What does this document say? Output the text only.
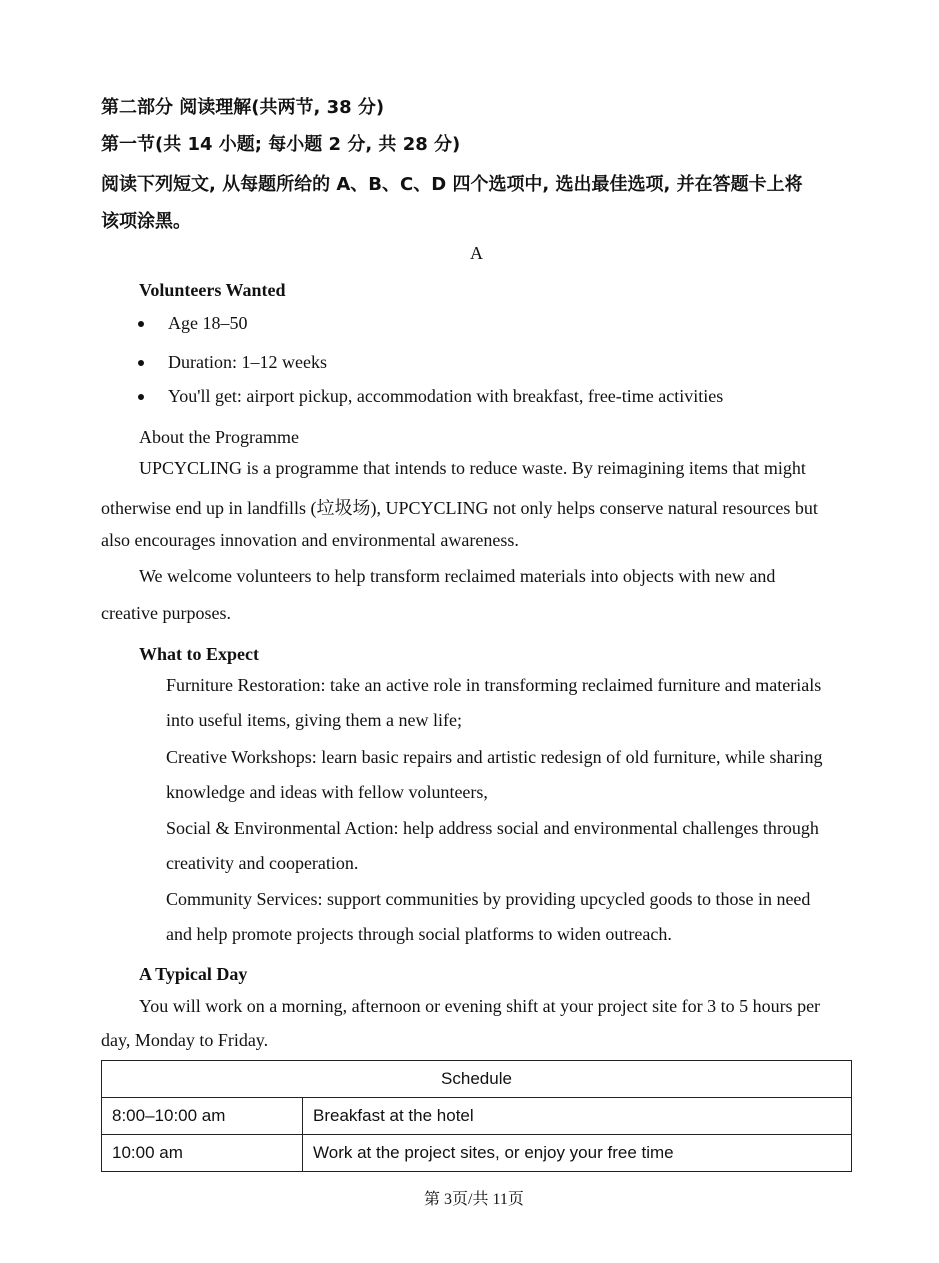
第二部分 阅读理解(共两节, 38 分)
第一节(共 14 小题; 每小题 2 分, 共 28 分)
阅读下列短文, 从每题所给的 A、B、C、D 四个选项中, 选出最佳选项, 并在答题卡上将
该项涂黑。
A
Volunteers Wanted
Age 18–50
Duration: 1–12 weeks
You'll get: airport pickup, accommodation with breakfast, free-time activities
About the Programme
UPCYCLING is a programme that intends to reduce waste. By reimagining items that might
otherwise end up in landfills (垃圾场), UPCYCLING not only helps conserve natural resources but
also encourages innovation and environmental awareness.
We welcome volunteers to help transform reclaimed materials into objects with new and
creative purposes.
What to Expect
Furniture Restoration: take an active role in transforming reclaimed furniture and materials
into useful items, giving them a new life;
Creative Workshops: learn basic repairs and artistic redesign of old furniture, while sharing
knowledge and ideas with fellow volunteers,
Social & Environmental Action: help address social and environmental challenges through
creativity and cooperation.
Community Services: support communities by providing upcycled goods to those in need
and help promote projects through social platforms to widen outreach.
A Typical Day
You will work on a morning, afternoon or evening shift at your project site for 3 to 5 hours per
day, Monday to Friday.
Schedule	
8:00–10:00 am	Breakfast at the hotel
10:00 am	Work at the project sites, or enjoy your free time
第 3页/共 11页
